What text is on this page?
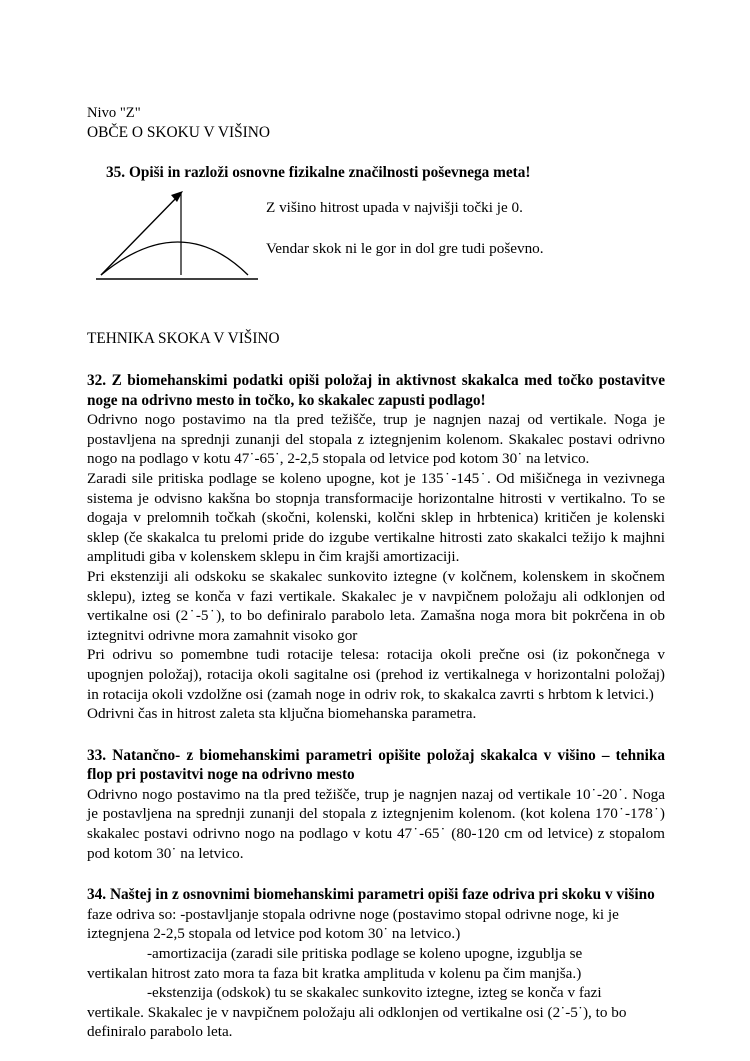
Nivo "Z"
OBČE O SKOKU V VIŠINO
35. Opiši in razloži osnovne fizikalne značilnosti poševnega meta!
Z višino hitrost upada v najvišji točki je 0.
Vendar skok ni le gor in dol gre tudi poševno.
TEHNIKA SKOKA V VIŠINO
32. Z biomehanskimi podatki opiši položaj in aktivnost skakalca med točko postavitve noge na odrivno mesto in točko, ko skakalec zapusti podlago!
Odrivno nogo postavimo na tla pred težišče, trup je nagnjen nazaj od vertikale. Noga je postavljena na sprednji zunanji del stopala z iztegnjenim kolenom. Skakalec postavi odrivno nogo na podlago v kotu 47˙-65˙, 2-2,5 stopala od letvice pod kotom 30˙ na letvico.
Zaradi sile pritiska podlage se koleno upogne, kot je 135˙-145˙. Od mišičnega in vezivnega sistema je odvisno kakšna bo stopnja transformacije horizontalne hitrosti v vertikalno. To se dogaja v prelomnih točkah (skočni, kolenski, kolčni sklep in hrbtenica) kritičen je kolenski sklep (če skakalca tu prelomi pride do izgube vertikalne hitrosti zato skakalci težijo k majhni amplitudi giba v kolenskem sklepu in čim krajši amortizaciji.
Pri ekstenziji ali odskoku se skakalec sunkovito iztegne (v kolčnem, kolenskem in skočnem sklepu), izteg se konča v fazi vertikale. Skakalec je v navpičnem položaju ali odklonjen od vertikalne osi (2˙-5˙), to bo definiralo parabolo leta. Zamašna noga mora bit pokrčena in ob iztegnitvi odrivne mora zamahnit visoko gor
Pri odrivu so pomembne tudi rotacije telesa: rotacija okoli prečne osi (iz pokončnega v upognjen položaj), rotacija okoli sagitalne osi (prehod iz vertikalnega v horizontalni položaj) in rotacija okoli vzdolžne osi (zamah noge in odriv rok, to skakalca zavrti s hrbtom k letvici.)
Odrivni čas in hitrost zaleta sta ključna biomehanska parametra.
33. Natančno- z biomehanskimi parametri opišite položaj skakalca v višino – tehnika flop pri postavitvi noge na odrivno mesto
Odrivno nogo postavimo na tla pred težišče, trup je nagnjen nazaj od vertikale 10˙-20˙. Noga je postavljena na sprednji zunanji del stopala z iztegnjenim kolenom. (kot kolena 170˙-178˙) skakalec postavi odrivno nogo na podlago v kotu 47˙-65˙ (80-120 cm od letvice) z stopalom pod kotom 30˙ na letvico.
34. Naštej in z osnovnimi biomehanskimi parametri opiši faze odriva pri skoku v višino
faze odriva so: -postavljanje stopala odrivne noge (postavimo stopal odrivne noge, ki je iztegnjena 2-2,5 stopala od letvice pod kotom 30˙ na letvico.)
-amortizacija (zaradi sile pritiska podlage se koleno upogne, izgublja se
vertikalan hitrost zato mora ta faza bit kratka amplituda v kolenu pa čim manjša.)
-ekstenzija (odskok) tu se skakalec sunkovito iztegne, izteg se konča v fazi
vertikale. Skakalec je v navpičnem položaju ali odklonjen od vertikalne osi (2˙-5˙), to bo definiralo parabolo leta.
